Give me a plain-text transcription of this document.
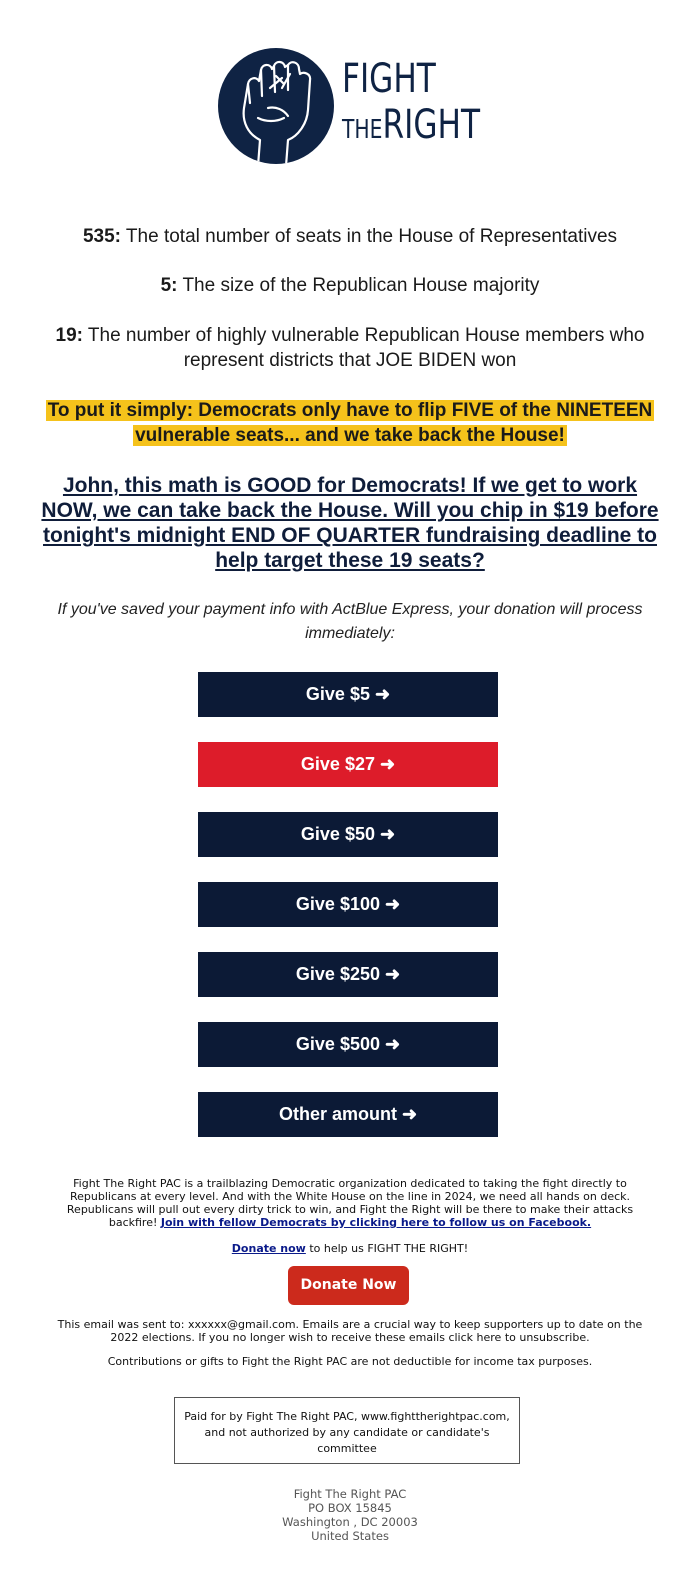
FIGHT
THERIGHT
535: The total number of seats in the House of Representatives
5: The size of the Republican House majority
19: The number of highly vulnerable Republican House members who represent districts that JOE BIDEN won
To put it simply: Democrats only have to flip FIVE of the NINETEEN vulnerable seats... and we take back the House!
John, this math is GOOD for Democrats! If we get to work NOW, we can take back the House. Will you chip in $19 before tonight's midnight END OF QUARTER fundraising deadline to help target these 19 seats?
If you've saved your payment info with ActBlue Express, your donation will process immediately:
Give $5 ➜
Give $27 ➜
Give $50 ➜
Give $100 ➜
Give $250 ➜
Give $500 ➜
Other amount ➜
Fight The Right PAC is a trailblazing Democratic organization dedicated to taking the fight directly to Republicans at every level. And with the White House on the line in 2024, we need all hands on deck. Republicans will pull out every dirty trick to win, and Fight the Right will be there to make their attacks backfire! Join with fellow Democrats by clicking here to follow us on Facebook.
Donate now to help us FIGHT THE RIGHT!
Donate Now
This email was sent to: xxxxxx@gmail.com. Emails are a crucial way to keep supporters up to date on the 2022 elections. If you no longer wish to receive these emails click here to unsubscribe.
Contributions or gifts to Fight the Right PAC are not deductible for income tax purposes.
Paid for by Fight The Right PAC, www.fighttherightpac.com, and not authorized by any candidate or candidate's committee
Fight The Right PAC
PO BOX 15845
Washington , DC 20003
United States
